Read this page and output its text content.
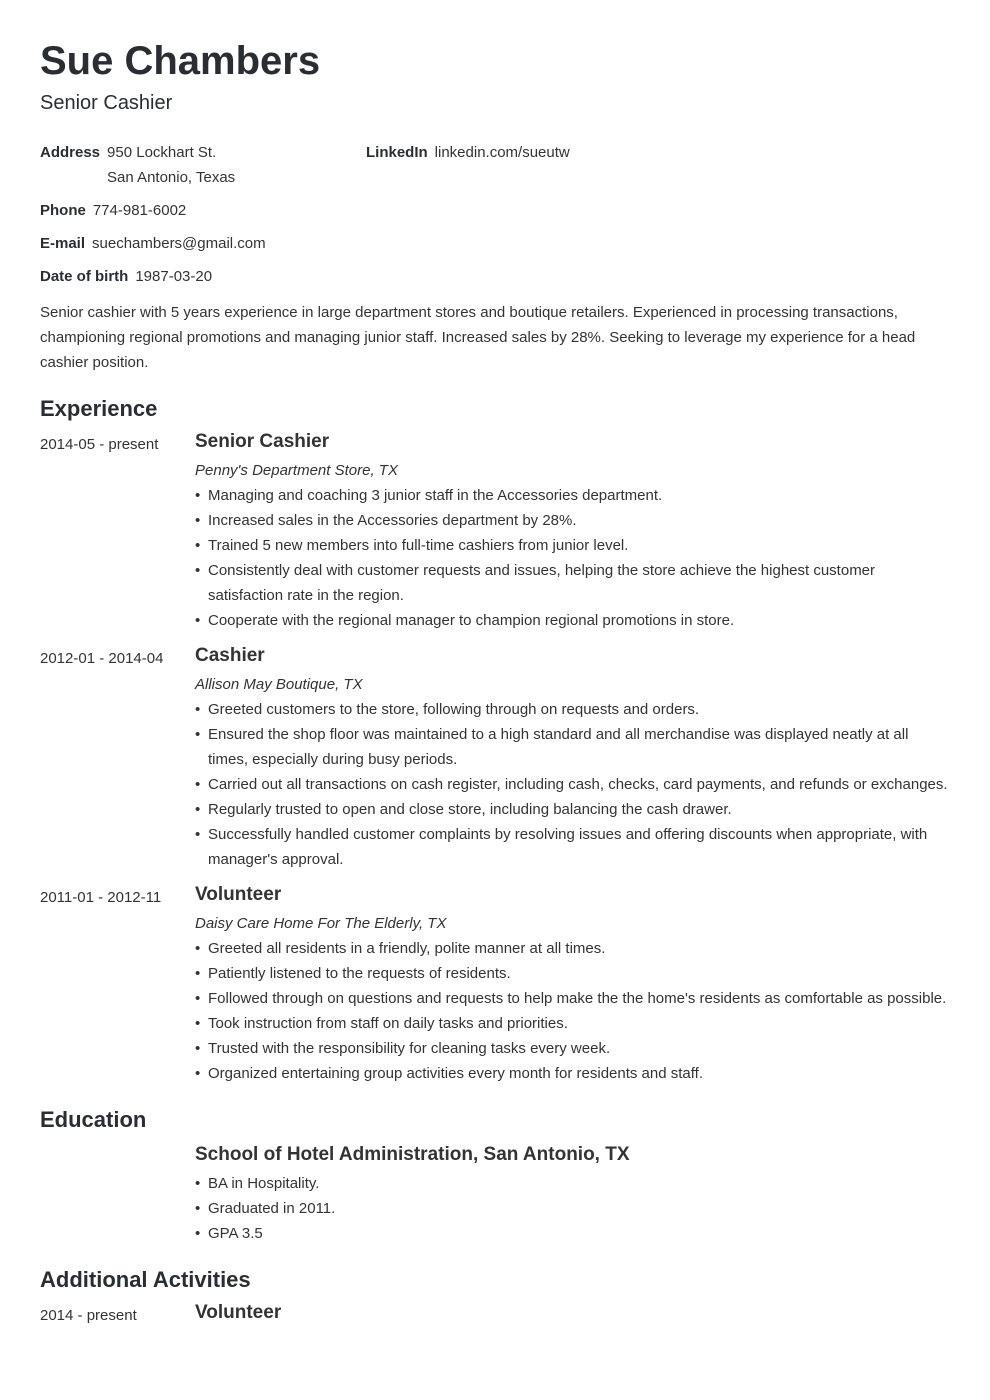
Sue Chambers
Senior Cashier
Address 950 Lockhart St.
San Antonio, Texas
LinkedIn linkedin.com/sueutw
Phone 774-981-6002
E-mail suechambers@gmail.com
Date of birth 1987-03-20
Senior cashier with 5 years experience in large department stores and boutique retailers. Experienced in processing transactions, championing regional promotions and managing junior staff. Increased sales by 28%. Seeking to leverage my experience for a head cashier position.
Experience
2014-05 - present	Senior Cashier
Penny's Department Store, TX
• Managing and coaching 3 junior staff in the Accessories department.
• Increased sales in the Accessories department by 28%.
• Trained 5 new members into full-time cashiers from junior level.
• Consistently deal with customer requests and issues, helping the store achieve the highest customer satisfaction rate in the region.
• Cooperate with the regional manager to champion regional promotions in store.
2012-01 - 2014-04	Cashier
Allison May Boutique, TX
• Greeted customers to the store, following through on requests and orders.
• Ensured the shop floor was maintained to a high standard and all merchandise was displayed neatly at all times, especially during busy periods.
• Carried out all transactions on cash register, including cash, checks, card payments, and refunds or exchanges.
• Regularly trusted to open and close store, including balancing the cash drawer.
• Successfully handled customer complaints by resolving issues and offering discounts when appropriate, with manager's approval.
2011-01 - 2012-11	Volunteer
Daisy Care Home For The Elderly, TX
• Greeted all residents in a friendly, polite manner at all times.
• Patiently listened to the requests of residents.
• Followed through on questions and requests to help make the the home's residents as comfortable as possible.
• Took instruction from staff on daily tasks and priorities.
• Trusted with the responsibility for cleaning tasks every week.
• Organized entertaining group activities every month for residents and staff.
Education
School of Hotel Administration, San Antonio, TX
• BA in Hospitality.
• Graduated in 2011.
• GPA 3.5
Additional Activities
2014 - present	Volunteer
